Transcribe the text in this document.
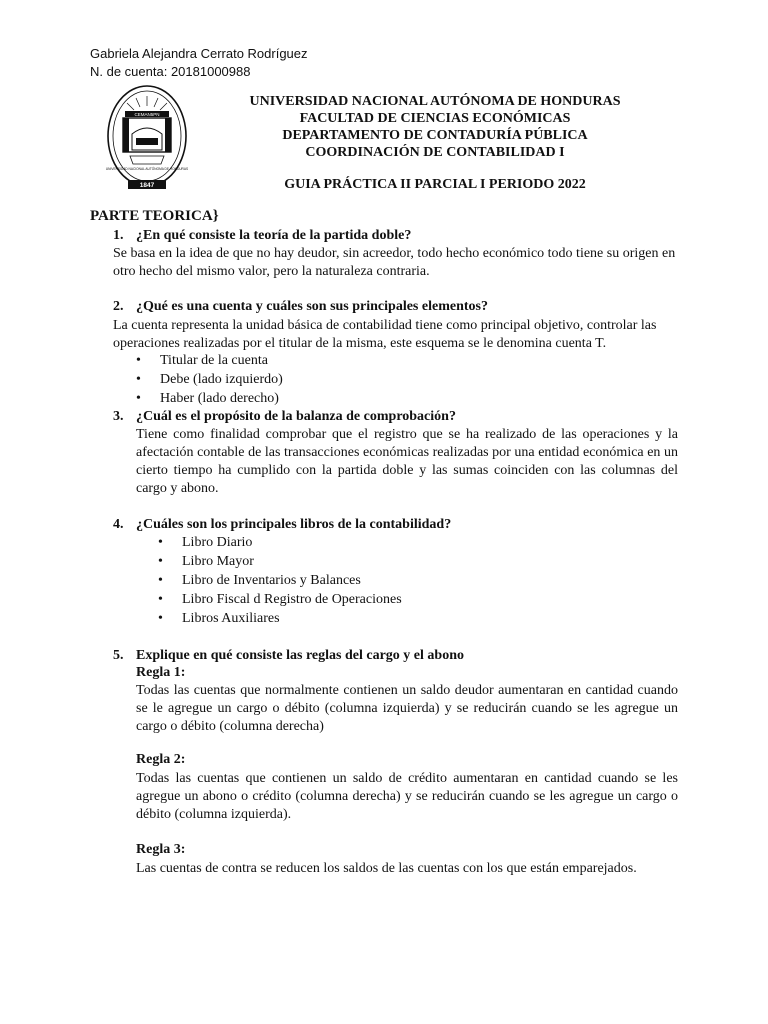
Gabriela Alejandra Cerrato Rodríguez
N. de cuenta: 20181000988
CEMAN5PN
UNIVERSIDAD NACIONAL AUTÓNOMA DE HONDURAS
1847
UNIVERSIDAD NACIONAL AUTÓNOMA DE HONDURAS
FACULTAD DE CIENCIAS ECONÓMICAS
DEPARTAMENTO DE CONTADURÍA PÚBLICA
COORDINACIÓN DE CONTABILIDAD I
GUIA PRÁCTICA II PARCIAL I PERIODO 2022
PARTE TEORICA}
1. ¿En qué consiste la teoría de la partida doble?

Se basa en la idea de que no hay deudor, sin acreedor, todo hecho económico todo tiene su origen en otro hecho del mismo valor, pero la naturaleza contraria.

2. ¿Qué es una cuenta y cuáles son sus principales elementos?

La cuenta representa la unidad básica de contabilidad tiene como principal objetivo, controlar las operaciones realizadas por el titular de la misma, este esquema se le denomina cuenta T.

• Titular de la cuenta
• Debe (lado izquierdo)
• Haber (lado derecho)
3. ¿Cuál es el propósito de la balanza de comprobación?

Tiene como finalidad comprobar que el registro que se ha realizado de las operaciones y la afectación contable de las transacciones económicas realizadas por una entidad económica en un cierto tiempo ha cumplido con la partida doble y las sumas coinciden con las columnas del cargo y abono.

4. ¿Cuáles son los principales libros de la contabilidad?
• Libro Diario
• Libro Mayor
• Libro de Inventarios y Balances
• Libro Fiscal d Registro de Operaciones
• Libros Auxiliares
5. Explique en qué consiste las reglas del cargo y el abono
Regla 1:

Todas las cuentas que normalmente contienen un saldo deudor aumentaran en cantidad cuando se le agregue un cargo o débito (columna izquierda) y se reducirán cuando se les agregue un cargo o débito (columna derecha)

Regla 2:

Todas las cuentas que contienen un saldo de crédito aumentaran en cantidad cuando se les agregue un abono o crédito (columna derecha) y se reducirán cuando se les agregue un cargo o débito (columna izquierda).

Regla 3:

Las cuentas de contra se reducen los saldos de las cuentas con los que están emparejados.
